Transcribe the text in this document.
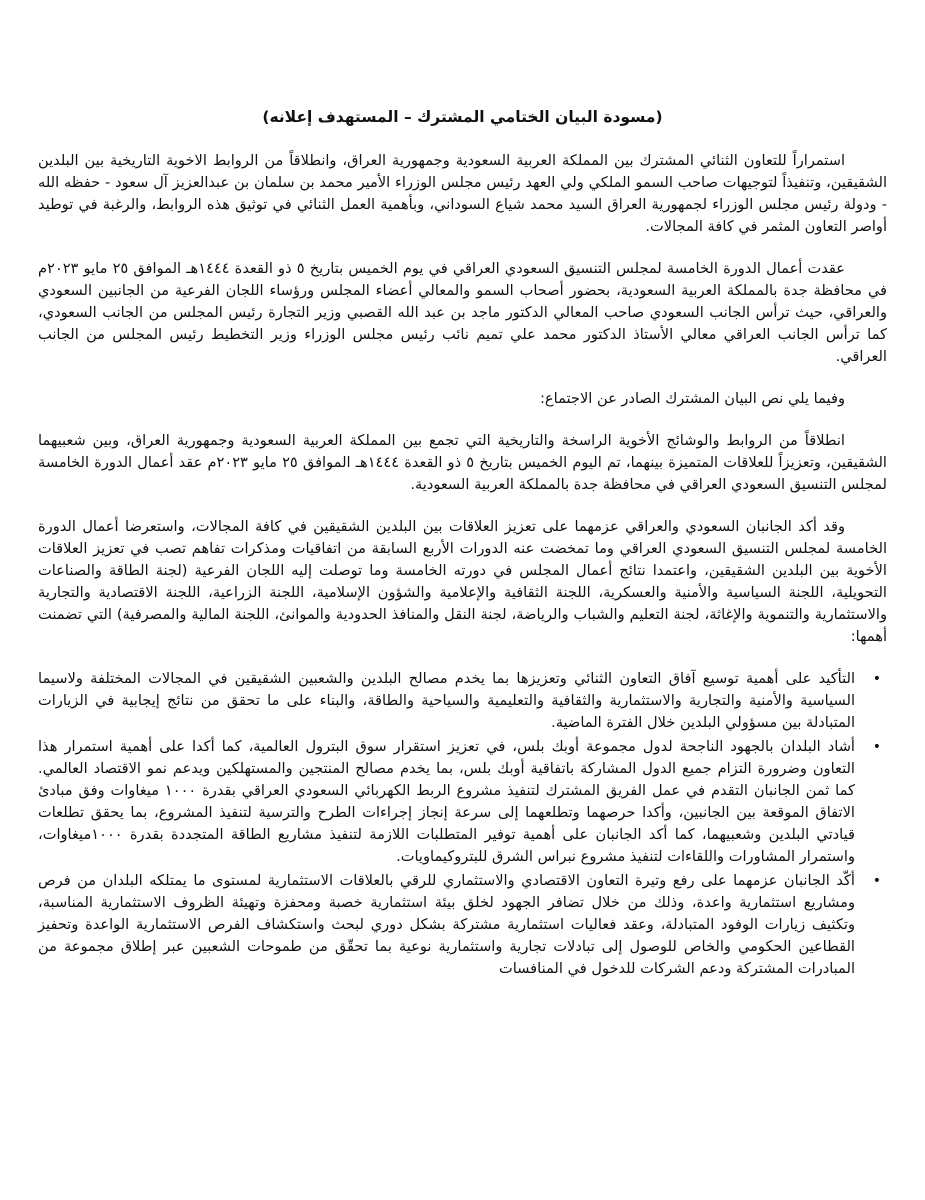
(مسودة البيان الختامي المشترك – المستهدف إعلانه)

استمراراً للتعاون الثنائي المشترك بين المملكة العربية السعودية وجمهورية العراق، وانطلاقاً من الروابط الاخوية التاريخية بين البلدين الشقيقين، وتنفيذاً لتوجيهات صاحب السمو الملكي ولي العهد رئيس مجلس الوزراء الأمير محمد بن سلمان بن عبدالعزيز آل سعود - حفظه الله - ودولة رئيس مجلس الوزراء لجمهورية العراق السيد محمد شياع السوداني، وبأهمية العمل الثنائي في توثيق هذه الروابط، والرغبة في توطيد أواصر التعاون المثمر في كافة المجالات.

عقدت أعمال الدورة الخامسة لمجلس التنسيق السعودي العراقي في يوم الخميس بتاريخ ٥ ذو القعدة ١٤٤٤هـ الموافق ٢٥ مايو ٢٠٢٣م في محافظة جدة بالمملكة العربية السعودية، بحضور أصحاب السمو والمعالي أعضاء المجلس ورؤساء اللجان الفرعية من الجانبين السعودي والعراقي، حيث ترأس الجانب السعودي صاحب المعالي الدكتور ماجد بن عبد الله القصبي وزير التجارة رئيس المجلس من الجانب السعودي، كما ترأس الجانب العراقي معالي الأستاذ الدكتور محمد علي تميم نائب رئيس مجلس الوزراء وزير التخطيط رئيس المجلس من الجانب العراقي.

وفيما يلي نص البيان المشترك الصادر عن الاجتماع:

انطلاقاً من الروابط والوشائج الأخوية الراسخة والتاريخية التي تجمع بين المملكة العربية السعودية وجمهورية العراق، وبين شعبيهما الشقيقين، وتعزيزاً للعلاقات المتميزة بينهما، تم اليوم الخميس بتاريخ ٥ ذو القعدة ١٤٤٤هـ الموافق ٢٥ مايو ٢٠٢٣م عقد أعمال الدورة الخامسة لمجلس التنسيق السعودي العراقي في محافظة جدة بالمملكة العربية السعودية.

وقد أكد الجانبان السعودي والعراقي عزمهما على تعزيز العلاقات بين البلدين الشقيقين في كافة المجالات، واستعرضا أعمال الدورة الخامسة لمجلس التنسيق السعودي العراقي وما تمخضت عنه الدورات الأربع السابقة من اتفاقيات ومذكرات تفاهم تصب في تعزيز العلاقات الأخوية بين البلدين الشقيقين، واعتمدا نتائج أعمال المجلس في دورته الخامسة وما توصلت إليه اللجان الفرعية (لجنة الطاقة والصناعات التحويلية، اللجنة السياسية والأمنية والعسكرية، اللجنة الثقافية والإعلامية والشؤون الإسلامية، اللجنة الزراعية، اللجنة الاقتصادية والتجارية والاستثمارية والتنموية والإغاثة، لجنة التعليم والشباب والرياضة، لجنة النقل والمنافذ الحدودية والموانئ، اللجنة المالية والمصرفية) التي تضمنت أهمها:

•
التأكيد على أهمية توسيع آفاق التعاون الثنائي وتعزيزها بما يخدم مصالح البلدين والشعبين الشقيقين في المجالات المختلفة ولاسيما السياسية والأمنية والتجارية والاستثمارية والثقافية والتعليمية والسياحية والطاقة، والبناء على ما تحقق من نتائج إيجابية في الزيارات المتبادلة بين مسؤولي البلدين خلال الفترة الماضية.
•
أشاد البلدان بالجهود الناجحة لدول مجموعة أوبك بلس، في تعزيز استقرار سوق البترول العالمية، كما أكدا على أهمية استمرار هذا التعاون وضرورة التزام جميع الدول المشاركة باتفاقية أوبك بلس، بما يخدم مصالح المنتجين والمستهلكين ويدعم نمو الاقتصاد العالمي. كما ثمن الجانبان التقدم في عمل الفريق المشترك لتنفيذ مشروع الربط الكهربائي السعودي العراقي بقدرة ١٠٠٠ ميغاوات وفق مبادئ الاتفاق الموقعة بين الجانبين، وأكدا حرصهما وتطلعهما إلى سرعة إنجاز إجراءات الطرح والترسية لتنفيذ المشروع، بما يحقق تطلعات قيادتي البلدين وشعبيهما، كما أكد الجانبان على أهمية توفير المتطلبات اللازمة لتنفيذ مشاريع الطاقة المتجددة بقدرة ١٠٠٠ميغاوات، واستمرار المشاورات واللقاءات لتنفيذ مشروع نبراس الشرق للبتروكيماويات.
•
أكّد الجانبان عزمهما على رفع وتيرة التعاون الاقتصادي والاستثماري للرقي بالعلاقات الاستثمارية لمستوى ما يمتلكه البلدان من فرص ومشاريع استثمارية واعدة، وذلك من خلال تضافر الجهود لخلق بيئة استثمارية خصبة ومحفزة وتهيئة الظروف الاستثمارية المناسبة، وتكثيف زيارات الوفود المتبادلة، وعقد فعاليات استثمارية مشتركة بشكل دوري لبحث واستكشاف الفرص الاستثمارية الواعدة وتحفيز القطاعين الحكومي والخاص للوصول إلى تبادلات تجارية واستثمارية نوعية بما تحقّق من طموحات الشعبين عبر إطلاق مجموعة من المبادرات المشتركة ودعم الشركات للدخول في المنافسات
